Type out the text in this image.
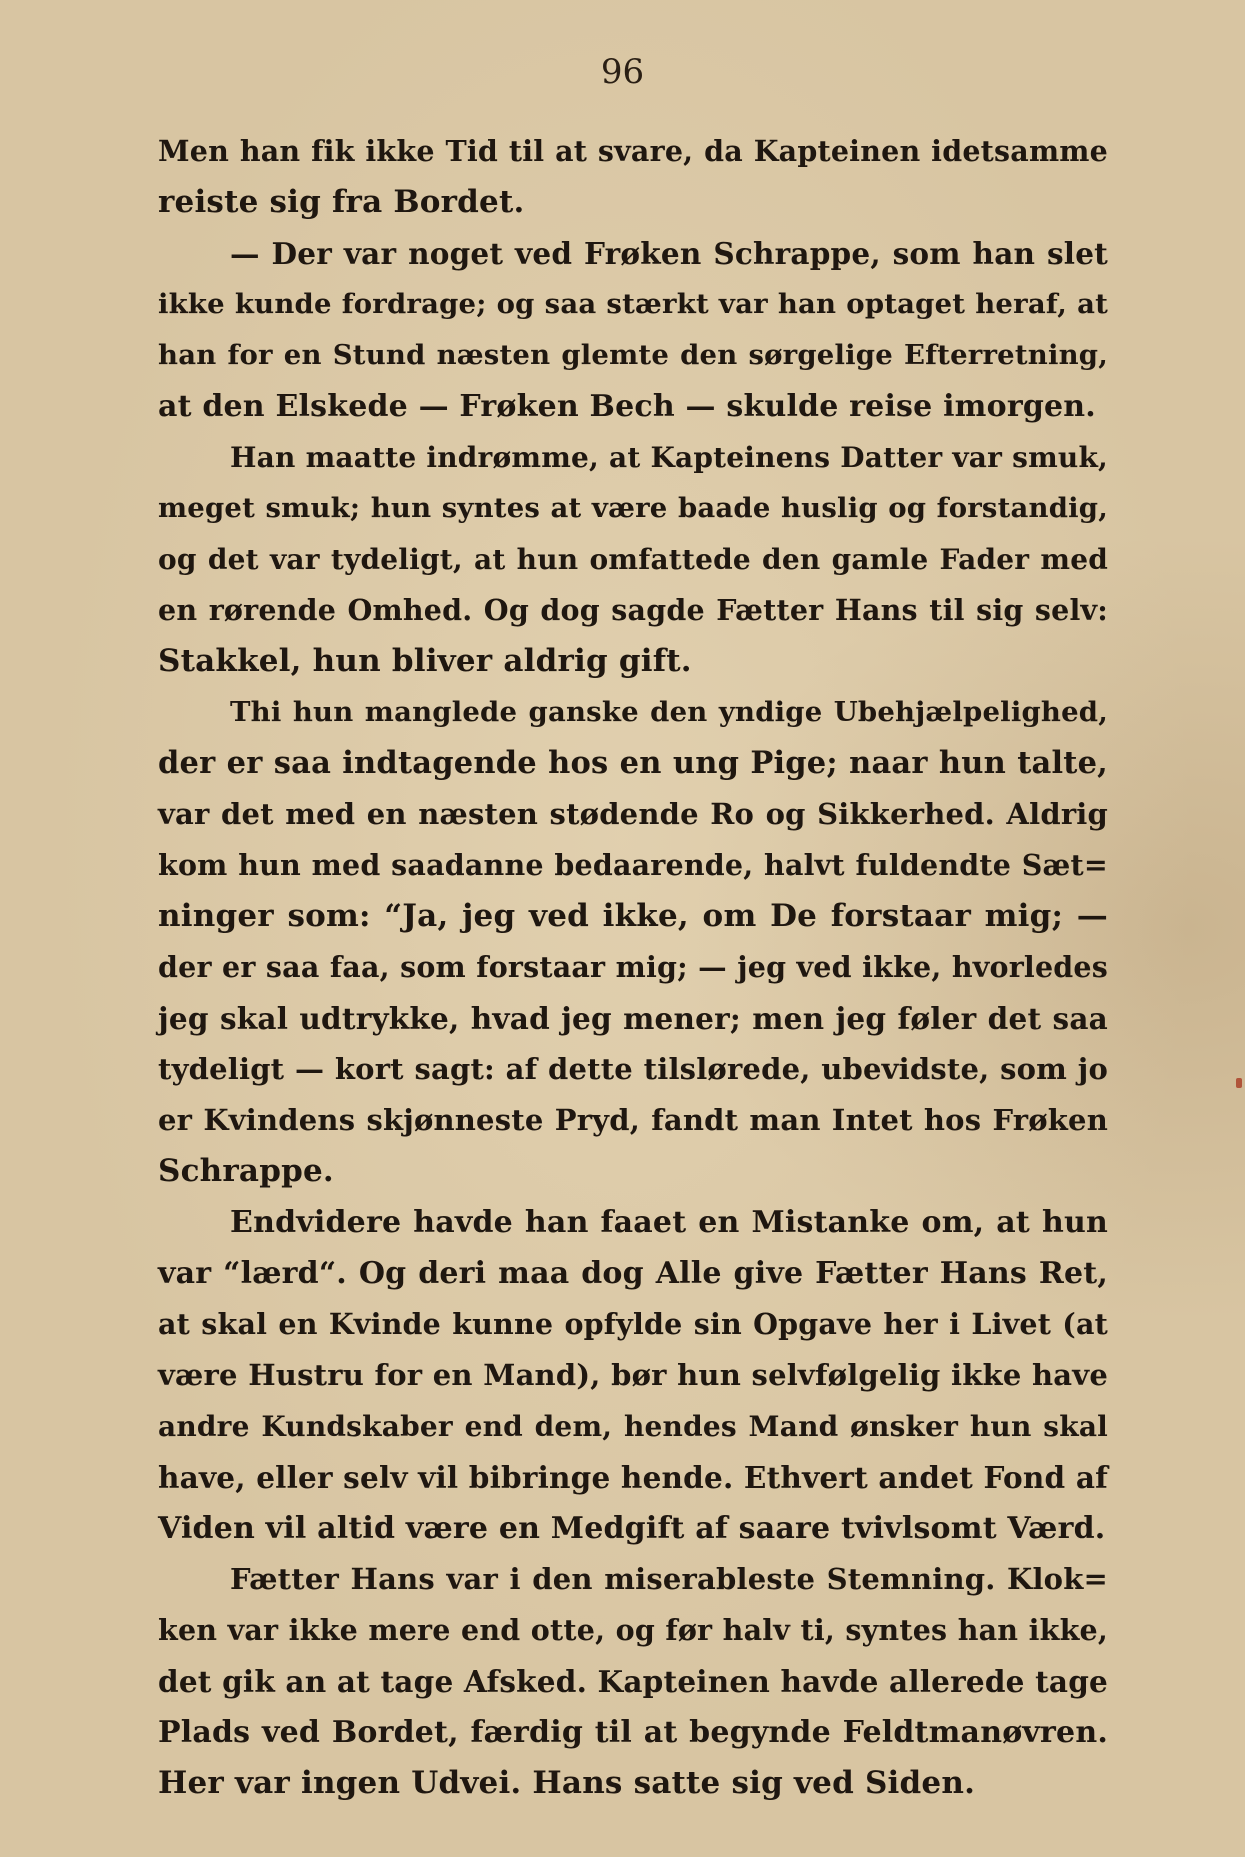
96
Men han fik ikke Tid til at svare, da Kapteinen idetsamme
reiste sig fra Bordet.
— Der var noget ved Frøken Schrappe, som han slet
ikke kunde fordrage; og saa stærkt var han optaget heraf, at
han for en Stund næsten glemte den sørgelige Efterretning,
at den Elskede — Frøken Bech — skulde reise imorgen.
Han maatte indrømme, at Kapteinens Datter var smuk,
meget smuk; hun syntes at være baade huslig og forstandig,
og det var tydeligt, at hun omfattede den gamle Fader med
en rørende Omhed. Og dog sagde Fætter Hans til sig selv:
Stakkel, hun bliver aldrig gift.
Thi hun manglede ganske den yndige Ubehjælpelighed,
der er saa indtagende hos en ung Pige; naar hun talte,
var det med en næsten stødende Ro og Sikkerhed. Aldrig
kom hun med saadanne bedaarende, halvt fuldendte Sæt=
ninger som: “Ja, jeg ved ikke, om De forstaar mig; —
der er saa faa, som forstaar mig; — jeg ved ikke, hvorledes
jeg skal udtrykke, hvad jeg mener; men jeg føler det saa
tydeligt — kort sagt: af dette tilslørede, ubevidste, som jo
er Kvindens skjønneste Pryd, fandt man Intet hos Frøken
Schrappe.
Endvidere havde han faaet en Mistanke om, at hun
var “lærd“. Og deri maa dog Alle give Fætter Hans Ret,
at skal en Kvinde kunne opfylde sin Opgave her i Livet (at
være Hustru for en Mand), bør hun selvfølgelig ikke have
andre Kundskaber end dem, hendes Mand ønsker hun skal
have, eller selv vil bibringe hende. Ethvert andet Fond af
Viden vil altid være en Medgift af saare tvivlsomt Værd.
Fætter Hans var i den miserableste Stemning. Klok=
ken var ikke mere end otte, og før halv ti, syntes han ikke,
det gik an at tage Afsked. Kapteinen havde allerede tage
Plads ved Bordet, færdig til at begynde Feldtmanøvren.
Her var ingen Udvei. Hans satte sig ved Siden.
